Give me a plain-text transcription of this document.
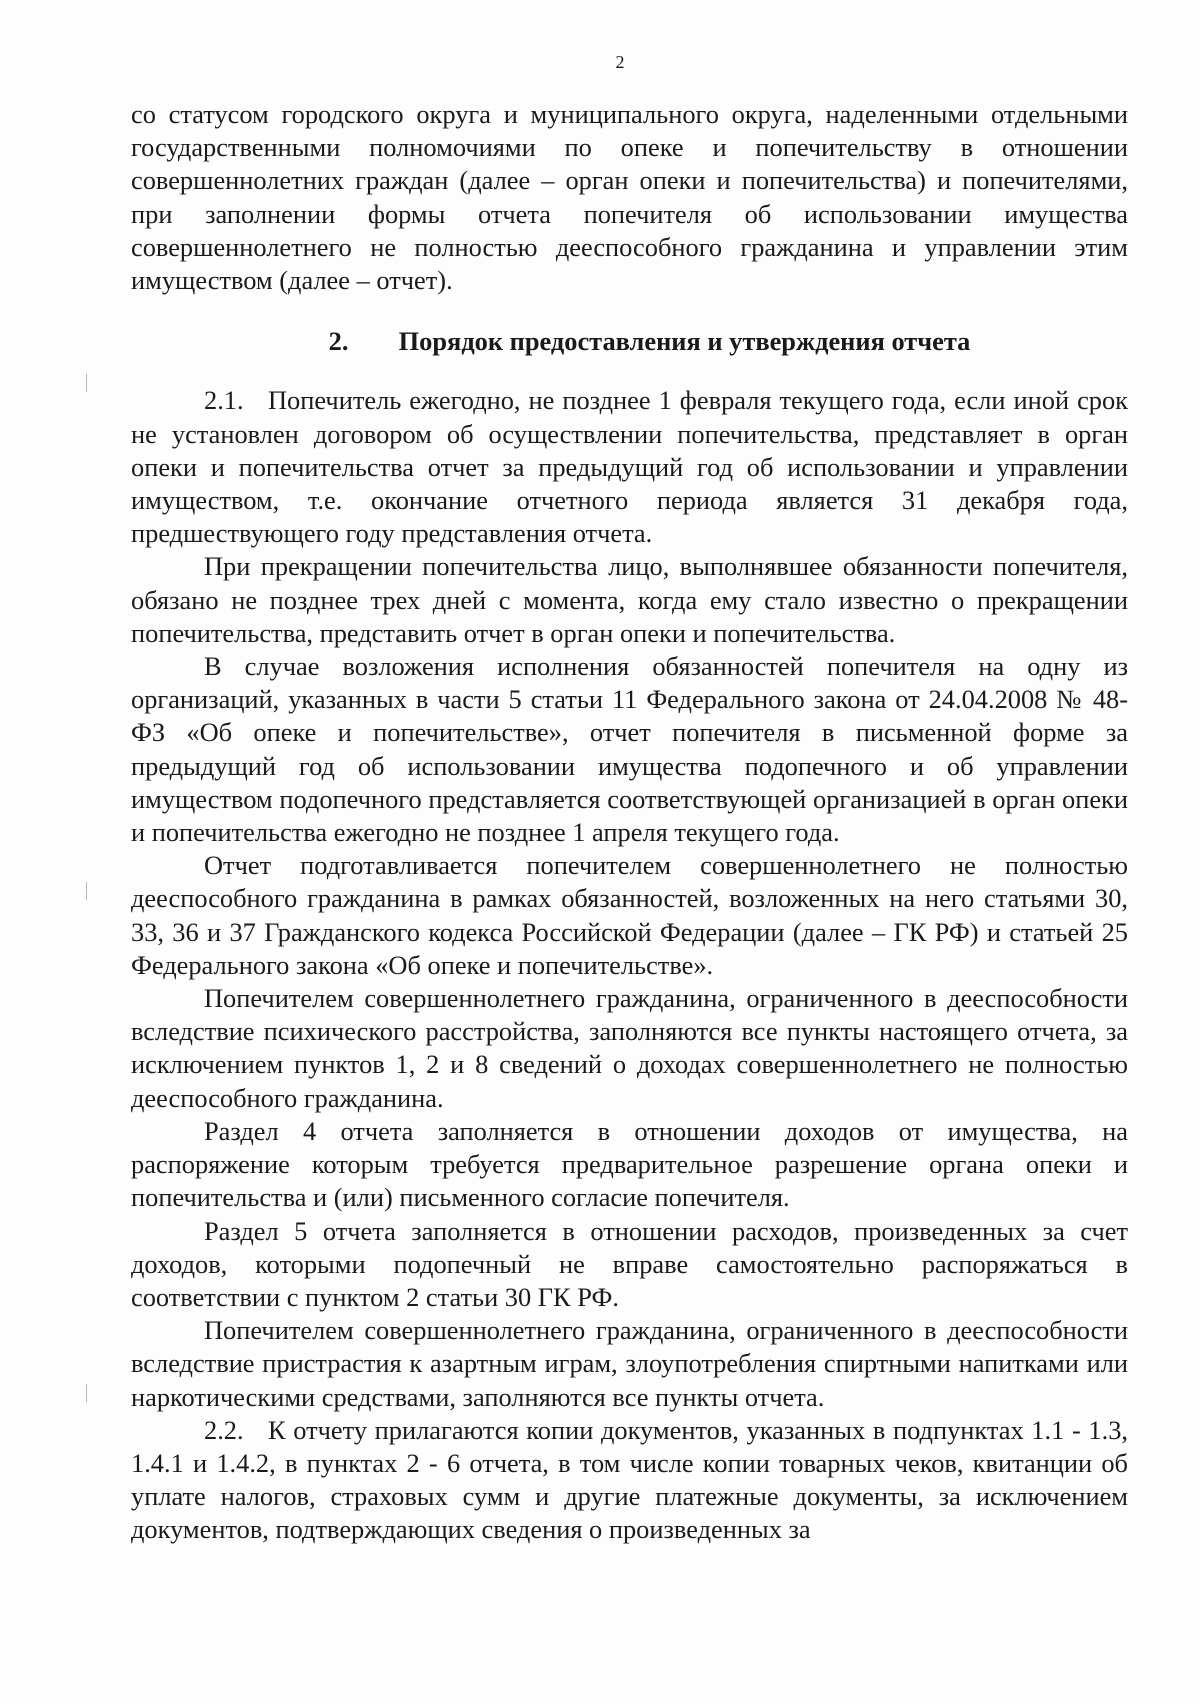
2

со статусом городского округа и муниципального округа, наделенными отдельными государственными полномочиями по опеке и попечительству в отношении совершеннолетних граждан (далее – орган опеки и попечительства) и попечителями, при заполнении формы отчета попечителя об использовании имущества совершеннолетнего не полностью дееспособного гражданина и управлении этим имуществом (далее – отчет).

2. Порядок предоставления и утверждения отчета

2.1. Попечитель ежегодно, не позднее 1 февраля текущего года, если иной срок не установлен договором об осуществлении попечительства, представляет в орган опеки и попечительства отчет за предыдущий год об использовании и управлении имуществом, т.е. окончание отчетного периода является 31 декабря года, предшествующего году представления отчета.

При прекращении попечительства лицо, выполнявшее обязанности попечителя, обязано не позднее трех дней с момента, когда ему стало известно о прекращении попечительства, представить отчет в орган опеки и попечительства.

В случае возложения исполнения обязанностей попечителя на одну из организаций, указанных в части 5 статьи 11 Федерального закона от 24.04.2008 № 48-ФЗ «Об опеке и попечительстве», отчет попечителя в письменной форме за предыдущий год об использовании имущества подопечного и об управлении имуществом подопечного представляется соответствующей организацией в орган опеки и попечительства ежегодно не позднее 1 апреля текущего года.

Отчет подготавливается попечителем совершеннолетнего не полностью дееспособного гражданина в рамках обязанностей, возложенных на него статьями 30, 33, 36 и 37 Гражданского кодекса Российской Федерации (далее – ГК РФ) и статьей 25 Федерального закона «Об опеке и попечительстве».

Попечителем совершеннолетнего гражданина, ограниченного в дееспособности вследствие психического расстройства, заполняются все пункты настоящего отчета, за исключением пунктов 1, 2 и 8 сведений о доходах совершеннолетнего не полностью дееспособного гражданина.

Раздел 4 отчета заполняется в отношении доходов от имущества, на распоряжение которым требуется предварительное разрешение органа опеки и попечительства и (или) письменного согласие попечителя.

Раздел 5 отчета заполняется в отношении расходов, произведенных за счет доходов, которыми подопечный не вправе самостоятельно распоряжаться в соответствии с пунктом 2 статьи 30 ГК РФ.

Попечителем совершеннолетнего гражданина, ограниченного в дееспособности вследствие пристрастия к азартным играм, злоупотребления спиртными напитками или наркотическими средствами, заполняются все пункты отчета.

2.2. К отчету прилагаются копии документов, указанных в подпунктах 1.1 - 1.3, 1.4.1 и 1.4.2, в пунктах 2 - 6 отчета, в том числе копии товарных чеков, квитанции об уплате налогов, страховых сумм и другие платежные документы, за исключением документов, подтверждающих сведения о произведенных за
